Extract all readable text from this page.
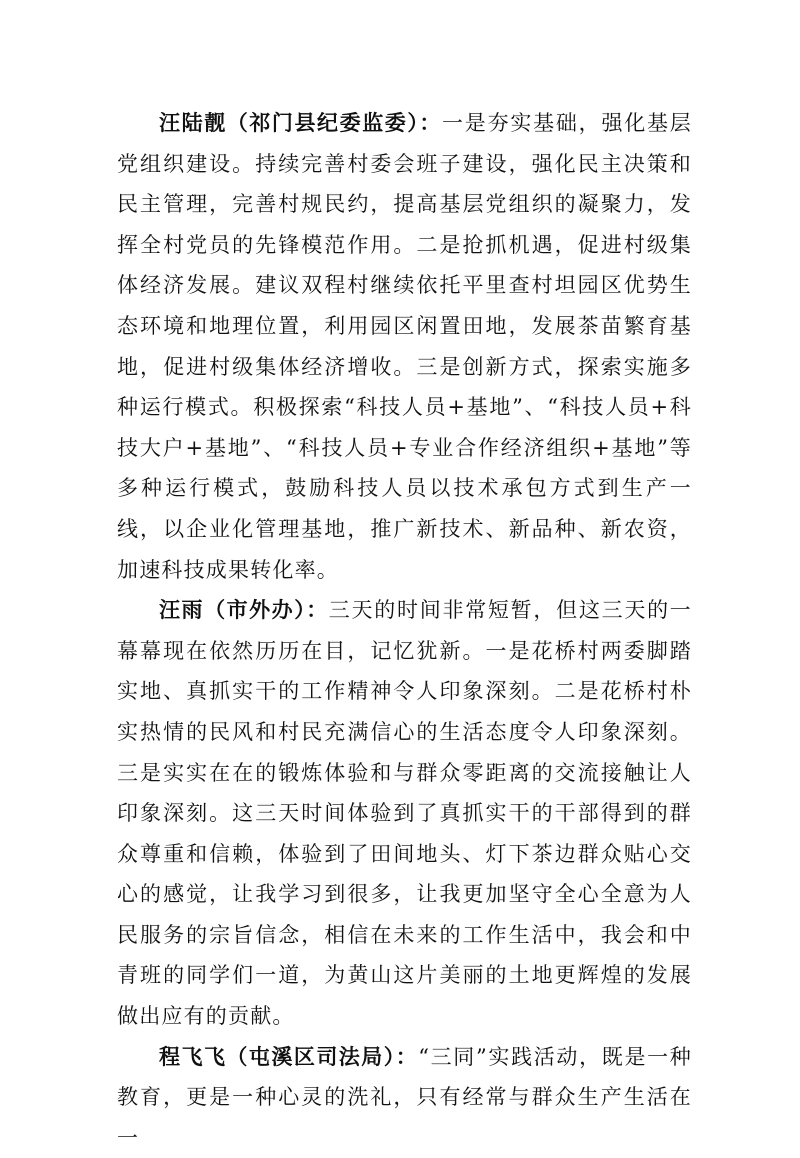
汪陆靓（祁门县纪委监委）：一是夯实基础，强化基层党组织建设。持续完善村委会班子建设，强化民主决策和民主管理，完善村规民约，提高基层党组织的凝聚力，发挥全村党员的先锋模范作用。二是抢抓机遇，促进村级集体经济发展。建议双程村继续依托平里查村坦园区优势生态环境和地理位置，利用园区闲置田地，发展茶苗繁育基地，促进村级集体经济增收。三是创新方式，探索实施多种运行模式。积极探索“科技人员+基地”、“科技人员+科技大户+基地”、“科技人员+专业合作经济组织+基地”等多种运行模式，鼓励科技人员以技术承包方式到生产一线，以企业化管理基地，推广新技术、新品种、新农资，加速科技成果转化率。

汪雨（市外办）：三天的时间非常短暂，但这三天的一幕幕现在依然历历在目，记忆犹新。一是花桥村两委脚踏实地、真抓实干的工作精神令人印象深刻。二是花桥村朴实热情的民风和村民充满信心的生活态度令人印象深刻。三是实实在在的锻炼体验和与群众零距离的交流接触让人印象深刻。这三天时间体验到了真抓实干的干部得到的群众尊重和信赖，体验到了田间地头、灯下茶边群众贴心交心的感觉，让我学习到很多，让我更加坚守全心全意为人民服务的宗旨信念，相信在未来的工作生活中，我会和中青班的同学们一道，为黄山这片美丽的土地更辉煌的发展做出应有的贡献。

程飞飞（屯溪区司法局）：“三同”实践活动，既是一种教育，更是一种心灵的洗礼，只有经常与群众生产生活在一
